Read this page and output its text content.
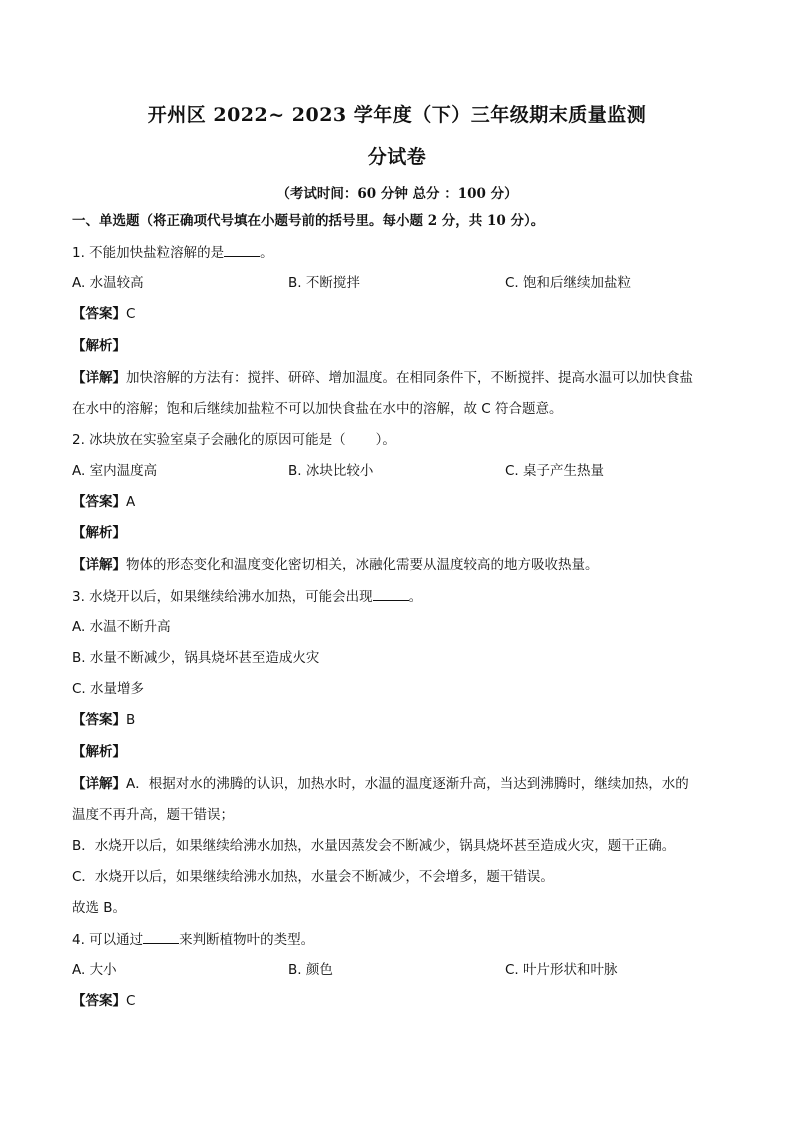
开州区 2022~ 2023 学年度（下）三年级期末质量监测
分试卷
（考试时间：60 分钟 总分 ：100 分）
一、单选题（将正确项代号填在小题号前的括号里。每小题 2 分，共 10 分）。
1. 不能加快盐粒溶解的是	。
A. 水温较高	B. 不断搅拌	C. 饱和后继续加盐粒
【答案】C
【解析】
【详解】加快溶解的方法有：搅拌、研碎、增加温度。在相同条件下，不断搅拌、提高水温可以加快食盐
在水中的溶解；饱和后继续加盐粒不可以加快食盐在水中的溶解，故 C 符合题意。
2. 冰块放在实验室桌子会融化的原因可能是（ ）。
A. 室内温度高	B. 冰块比较小	C. 桌子产生热量
【答案】A
【解析】
【详解】物体的形态变化和温度变化密切相关，冰融化需要从温度较高的地方吸收热量。
3. 水烧开以后，如果继续给沸水加热，可能会出现	。
A. 水温不断升高
B. 水量不断减少，锅具烧坏甚至造成火灾
C. 水量增多
【答案】B
【解析】
【详解】A．根据对水的沸腾的认识，加热水时，水温的温度逐渐升高，当达到沸腾时，继续加热，水的
温度不再升高，题干错误；
B．水烧开以后，如果继续给沸水加热，水量因蒸发会不断减少，锅具烧坏甚至造成火灾，题干正确。
C．水烧开以后，如果继续给沸水加热，水量会不断减少，不会增多，题干错误。
故选 B。
4. 可以通过	来判断植物叶的类型。
A. 大小	B. 颜色	C. 叶片形状和叶脉
【答案】C
